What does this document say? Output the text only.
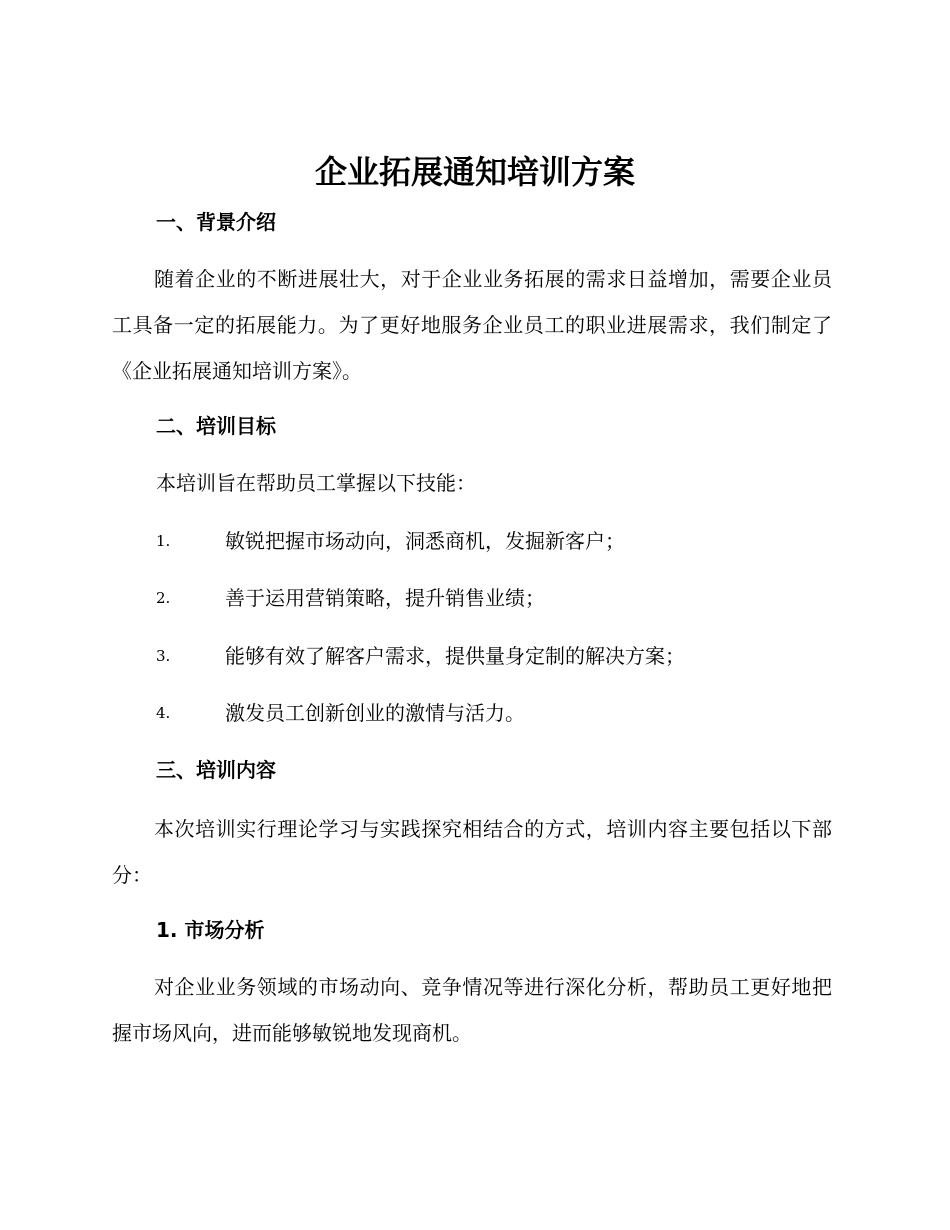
企业拓展通知培训方案
一、背景介绍

随着企业的不断进展壮大，对于企业业务拓展的需求日益增加，需要企业员工具备一定的拓展能力。为了更好地服务企业员工的职业进展需求，我们制定了《企业拓展通知培训方案》。

二、培训目标
本培训旨在帮助员工掌握以下技能：
1.	敏锐把握市场动向，洞悉商机，发掘新客户；
2.	善于运用营销策略，提升销售业绩；
3.	能够有效了解客户需求，提供量身定制的解决方案；
4.	激发员工创新创业的激情与活力。
三、培训内容

本次培训实行理论学习与实践探究相结合的方式，培训内容主要包括以下部分：

1. 市场分析

对企业业务领域的市场动向、竞争情况等进行深化分析，帮助员工更好地把握市场风向，进而能够敏锐地发现商机。
